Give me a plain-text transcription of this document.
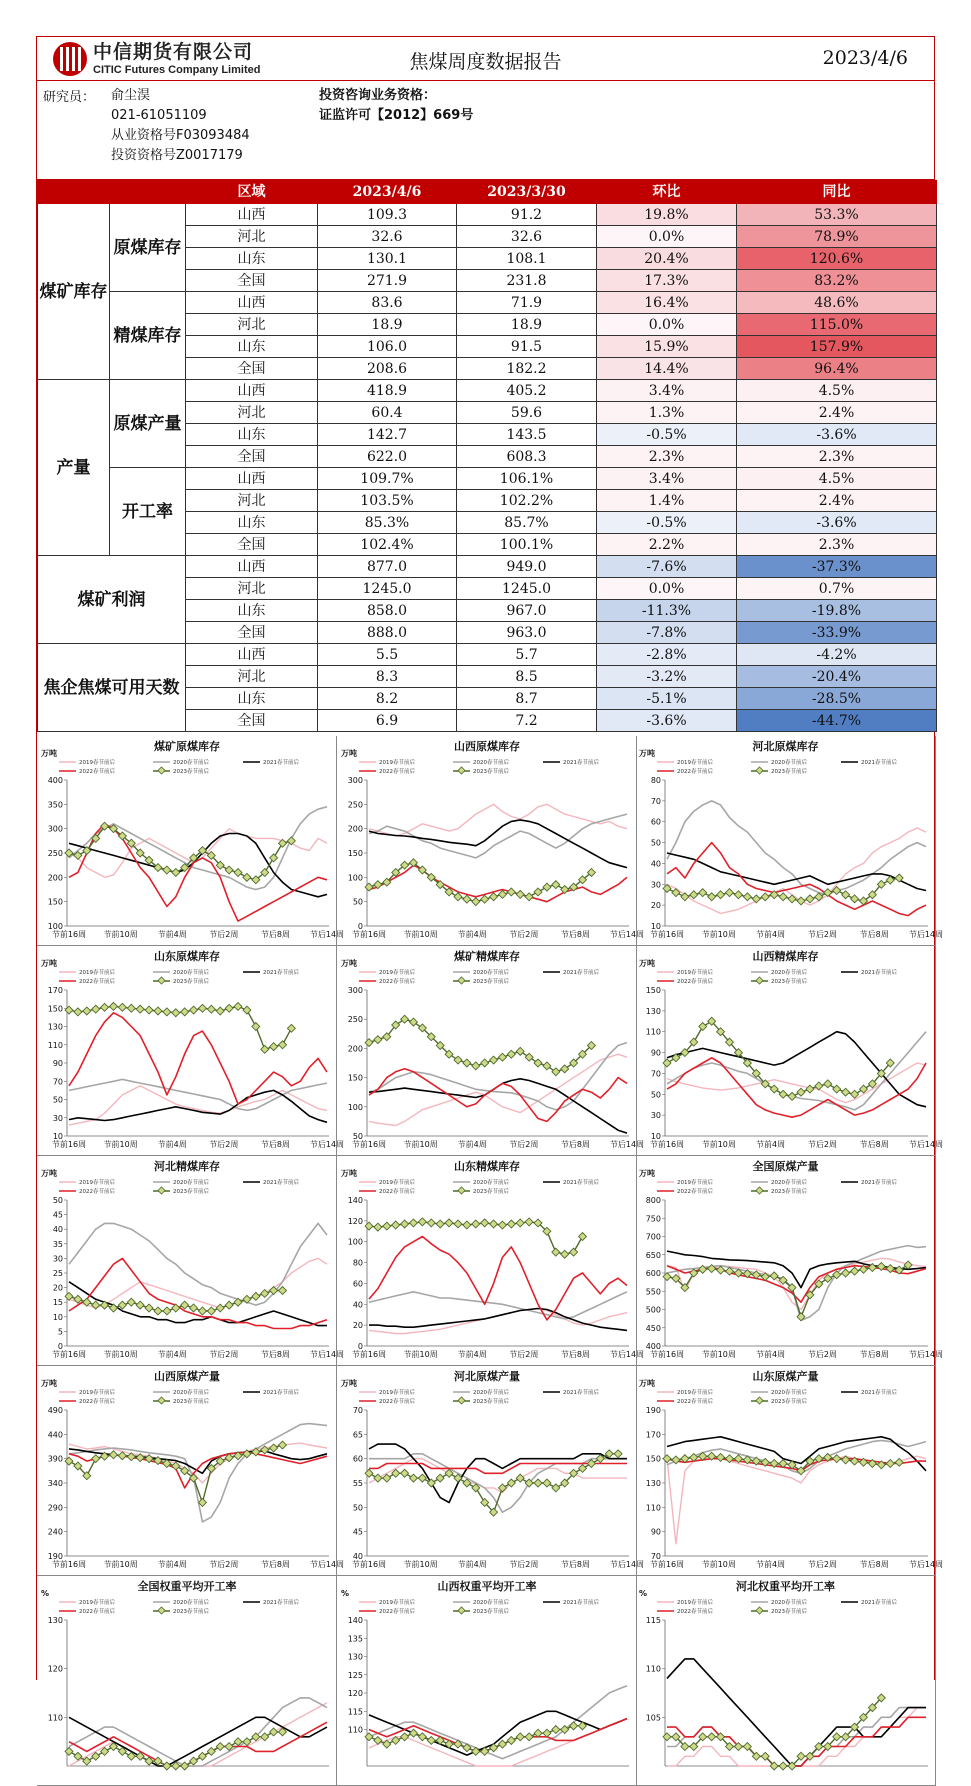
中信期货有限公司
CITIC Futures Company Limited	焦煤周度数据报告	2023/4/6
研究员： 俞尘淏
021-61051109
从业资格号F03093484
投资资格号Z0017179
投资咨询业务资格：
证监许可【2012】669号
		区域	2023/4/6	2023/3/30	环比	同比
煤矿库存	原煤库存	山西	109.3	91.2	19.8%	53.3%
		河北	32.6	32.6	0.0%	78.9%
		山东	130.1	108.1	20.4%	120.6%
		全国	271.9	231.8	17.3%	83.2%
	精煤库存	山西	83.6	71.9	16.4%	48.6%
		河北	18.9	18.9	0.0%	115.0%
		山东	106.0	91.5	15.9%	157.9%
		全国	208.6	182.2	14.4%	96.4%
产量	原煤产量	山西	418.9	405.2	3.4%	4.5%
		河北	60.4	59.6	1.3%	2.4%
		山东	142.7	143.5	-0.5%	-3.6%
		全国	622.0	608.3	2.3%	2.3%
	开工率	山西	109.7%	106.1%	3.4%	4.5%
		河北	103.5%	102.2%	1.4%	2.4%
		山东	85.3%	85.7%	-0.5%	-3.6%
		全国	102.4%	100.1%	2.2%	2.3%
煤矿利润		山西	877.0	949.0	-7.6%	-37.3%
		河北	1245.0	1245.0	0.0%	0.7%
		山东	858.0	967.0	-11.3%	-19.8%
		全国	888.0	963.0	-7.8%	-33.9%
焦企焦煤可用天数		山西	5.5	5.7	-2.8%	-4.2%
		河北	8.3	8.5	-3.2%	-20.4%
		山东	8.2	8.7	-5.1%	-28.5%
		全国	6.9	7.2	-3.6%	-44.7%
煤矿原煤库存
万吨
2019春节前后	2020春节前后	2021春节前后
2022春节前后	2023春节前后
100
150
200
250
300
350
400
节前16周 节前10周 节前4周	节后2周	节后8周 节后14周
山西原煤库存
万吨
2019春节前后	2020春节前后	2021春节前后
2022春节前后	2023春节前后
0
50
100
150
200
250
300
节前16周 节前10周 节前4周	节后2周	节后8周 节后14周
河北原煤库存
万吨
2019春节前后	2020春节前后	2021春节前后
2022春节前后	2023春节前后
10
20
30
40
50
60
70
80
节前16周 节前10周	节前4周	节后2周	节后8周	节后14周
山东原煤库存
万吨
2019春节前后	2020春节前后	2021春节前后
2022春节前后	2023春节前后
10
30
50
70
90
110
130
150
170
节前16周 节前10周 节前4周	节后2周	节后8周 节后14周
煤矿精煤库存
万吨
2019春节前后	2020春节前后	2021春节前后
2022春节前后	2023春节前后
50
100
150
200
250
300
节前16周 节前10周 节前4周	节后2周	节后8周 节后14周
山西精煤库存
万吨
2019春节前后	2020春节前后	2021春节前后
2022春节前后	2023春节前后
10
30
50
70
90
110
130
150
节前16周 节前10周	节前4周	节后2周	节后8周	节后14周
河北精煤库存
万吨
2019春节前后	2020春节前后	2021春节前后
2022春节前后	2023春节前后
0
5
10
15
20
25
30
35
40
45
50
节前16周 节前10周 节前4周	节后2周	节后8周 节后14周
山东精煤库存
万吨
2019春节前后	2020春节前后	2021春节前后
2022春节前后	2023春节前后
0
20
40
60
80
100
120
140
节前16周 节前10周 节前4周	节后2周	节后8周 节后14周
全国原煤产量
万吨
2019春节前后	2020春节前后	2021春节前后
2022春节前后	2023春节前后
400
450
500
550
600
650
700
750
800
节前16周 节前10周	节前4周	节后2周	节后8周	节后14周
山西原煤产量
万吨
2019春节前后	2020春节前后	2021春节前后
2022春节前后	2023春节前后
190
240
290
340
390
440
490
节前16周 节前10周 节前4周	节后2周	节后8周 节后14周
河北原煤产量
万吨
2019春节前后	2020春节前后	2021春节前后
2022春节前后	2023春节前后
40
45
50
55
60
65
70
节前16周 节前10周 节前4周	节后2周	节后8周 节后14周
山东原煤产量
万吨
2019春节前后	2020春节前后	2021春节前后
2022春节前后	2023春节前后
70
90
110
130
150
170
190
节前16周 节前10周	节前4周	节后2周	节后8周	节后14周
全国权重平均开工率
%
2019春节前后	2020春节前后	2021春节前后
2022春节前后	2023春节前后
110
120
130
山西权重平均开工率
%
2019春节前后	2020春节前后	2021春节前后
2022春节前后	2023春节前后
110
115
120
125
130
135
140
河北权重平均开工率
%
2019春节前后	2020春节前后	2021春节前后
2022春节前后	2023春节前后
105
110
115
